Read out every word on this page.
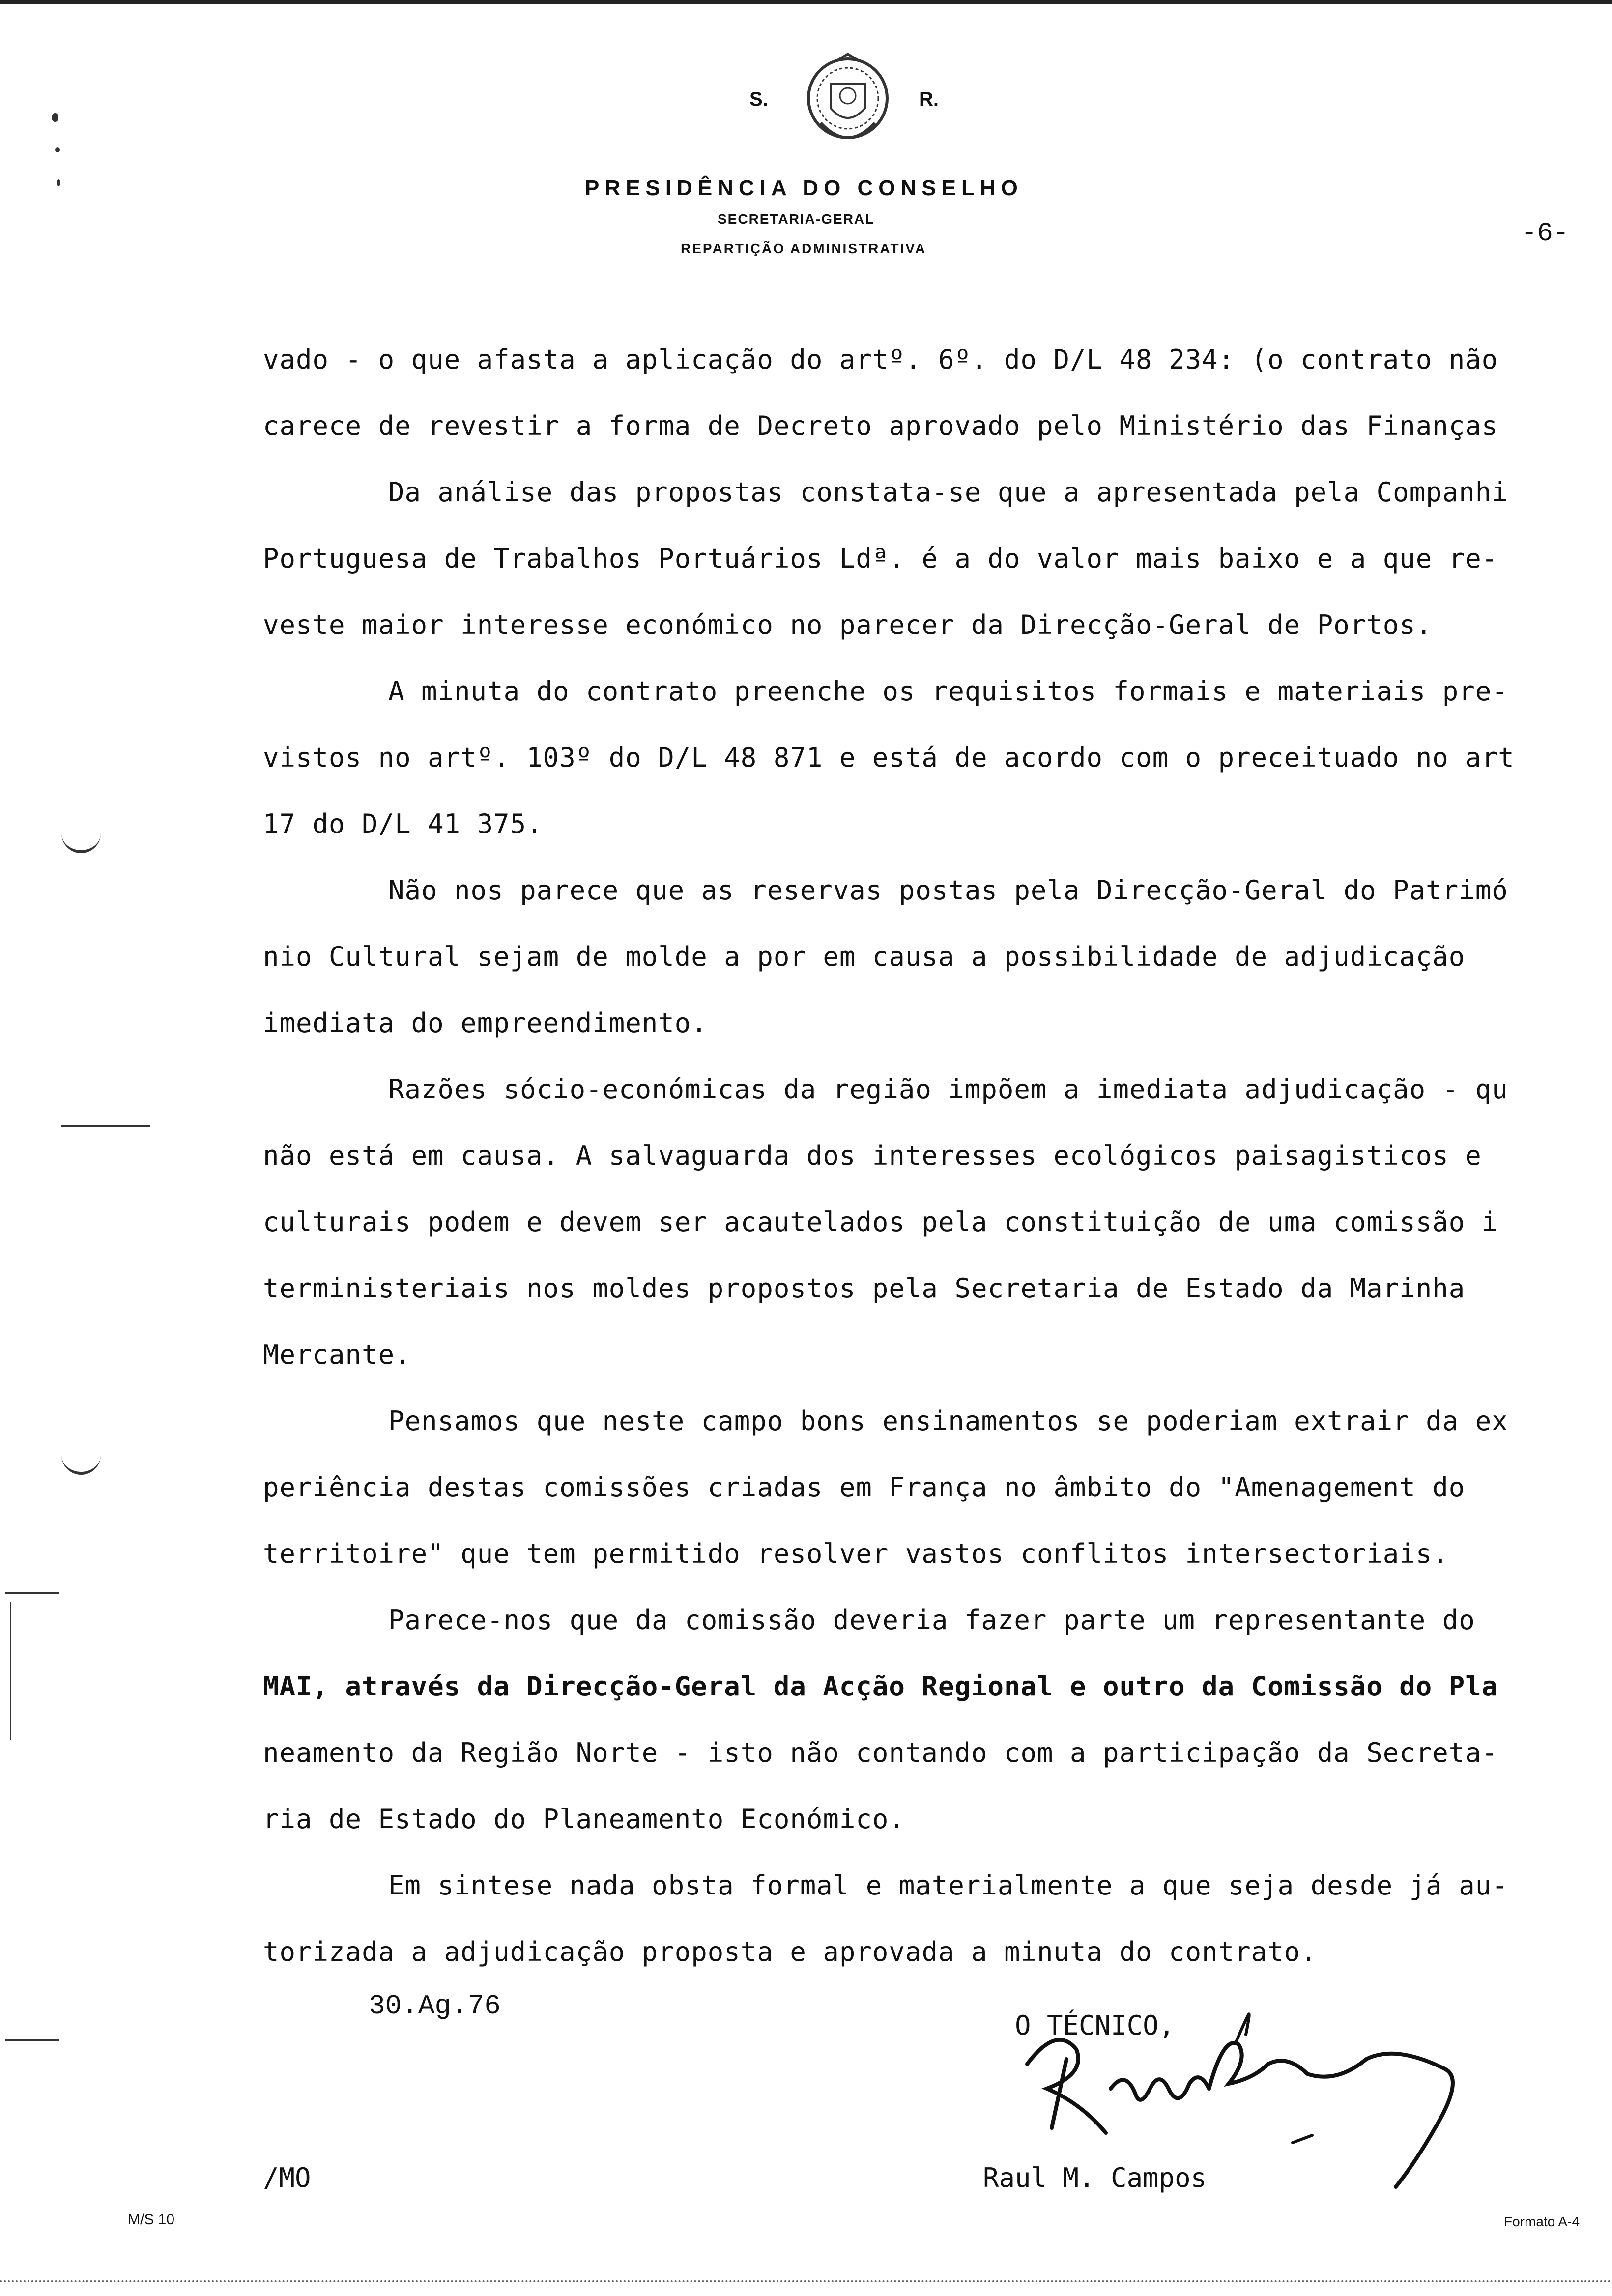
S.	R.
PRESIDÊNCIA DO CONSELHO
SECRETARIA-GERAL
REPARTIÇÃO ADMINISTRATIVA	-6-
vado - o que afasta a aplicação do artº. 6º. do D/L 48 234: (o contrato não
carece de revestir a forma de Decreto aprovado pelo Ministério das Finanças
Da análise das propostas constata-se que a apresentada pela Companhi
Portuguesa de Trabalhos Portuários Ldª. é a do valor mais baixo e a que re-
veste maior interesse económico no parecer da Direcção-Geral de Portos.
A minuta do contrato preenche os requisitos formais e materiais pre-
vistos no artº. 103º do D/L 48 871 e está de acordo com o preceituado no art
17 do D/L 41 375.
Não nos parece que as reservas postas pela Direcção-Geral do Patrimó
nio Cultural sejam de molde a por em causa a possibilidade de adjudicação
imediata do empreendimento.
Razões sócio-económicas da região impõem a imediata adjudicação - qu
não está em causa. A salvaguarda dos interesses ecológicos paisagisticos e
culturais podem e devem ser acautelados pela constituição de uma comissão i
terministeriais nos moldes propostos pela Secretaria de Estado da Marinha
Mercante.
Pensamos que neste campo bons ensinamentos se poderiam extrair da ex
periência destas comissões criadas em França no âmbito do "Amenagement do
territoire" que tem permitido resolver vastos conflitos intersectoriais.
Parece-nos que da comissão deveria fazer parte um representante do
MAI, através da Direcção-Geral da Acção Regional e outro da Comissão do Pla
neamento da Região Norte - isto não contando com a participação da Secreta-
ria de Estado do Planeamento Económico.
Em sintese nada obsta formal e materialmente a que seja desde já au-
torizada a adjudicação proposta e aprovada a minuta do contrato.
30.Ag.76
O TÉCNICO,
Raul M. Campos
/MO
M/S 10	Formato A-4
